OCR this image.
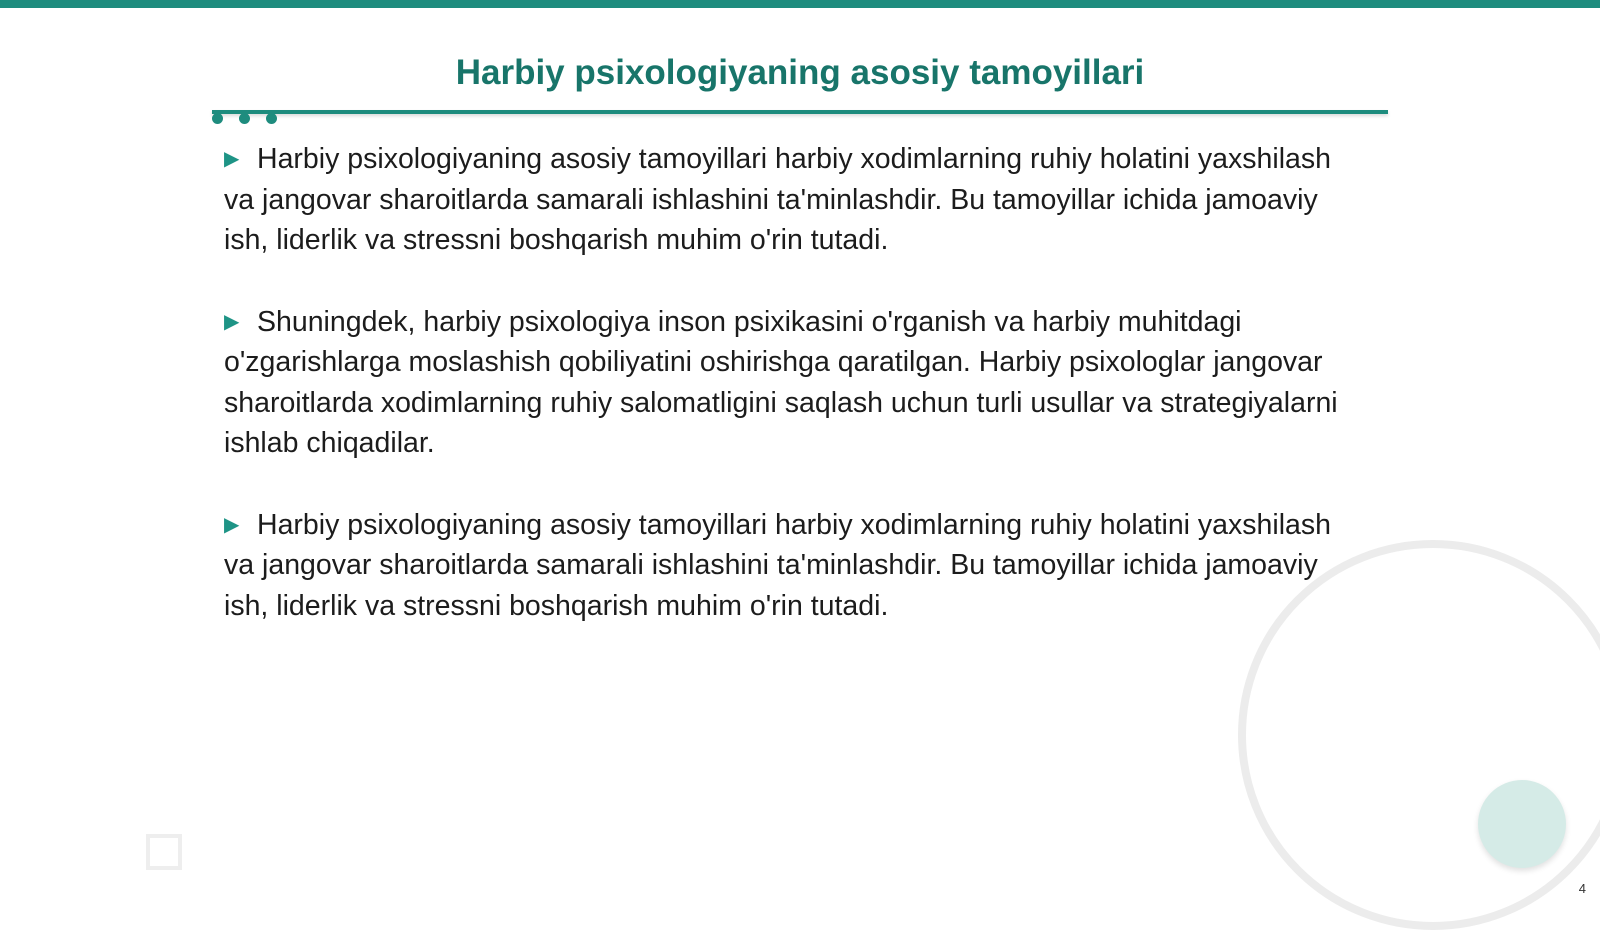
Harbiy psixologiyaning asosiy tamoyillari

▶ Harbiy psixologiyaning asosiy tamoyillari harbiy xodimlarning ruhiy holatini yaxshilash va jangovar sharoitlarda samarali ishlashini ta'minlashdir. Bu tamoyillar ichida jamoaviy ish, liderlik va stressni boshqarish muhim o'rin tutadi.

▶ Shuningdek, harbiy psixologiya inson psixikasini o'rganish va harbiy muhitdagi o'zgarishlarga moslashish qobiliyatini oshirishga qaratilgan. Harbiy psixologlar jangovar sharoitlarda xodimlarning ruhiy salomatligini saqlash uchun turli usullar va strategiyalarni ishlab chiqadilar.

▶ Harbiy psixologiyaning asosiy tamoyillari harbiy xodimlarning ruhiy holatini yaxshilash va jangovar sharoitlarda samarali ishlashini ta'minlashdir. Bu tamoyillar ichida jamoaviy ish, liderlik va stressni boshqarish muhim o'rin tutadi.

4
